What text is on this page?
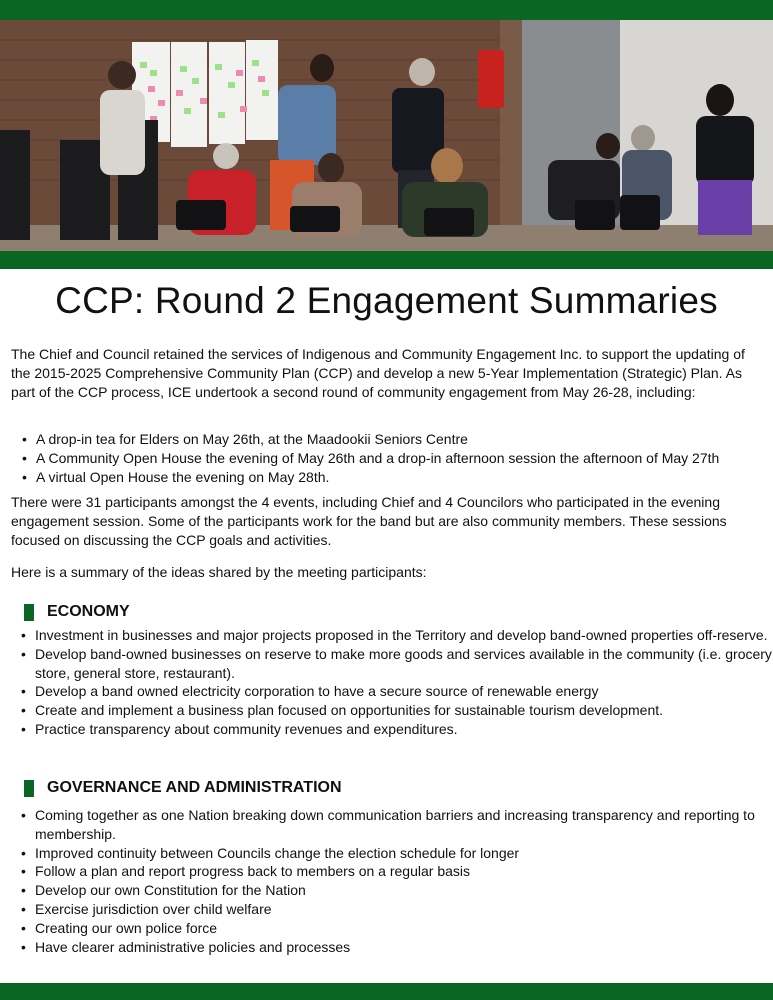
CCP: Round 2 Engagement Summaries

The Chief and Council retained the services of Indigenous and Community Engagement Inc. to support the updating of the 2015-2025 Comprehensive Community Plan (CCP) and develop a new 5-Year Implementation (Strategic) Plan. As part of the CCP process, ICE undertook a second round of community engagement from May 26-28, including:

• A drop-in tea for Elders on May 26th, at the Maadookii Seniors Centre
• A Community Open House the evening of May 26th and a drop-in afternoon session the afternoon of May 27th
• A virtual Open House the evening on May 28th.

There were 31 participants amongst the 4 events, including Chief and 4 Councilors who participated in the evening engagement session. Some of the participants work for the band but are also community members. These sessions focused on discussing the CCP goals and activities.

Here is a summary of the ideas shared by the meeting participants:

ECONOMY
• Investment in businesses and major projects proposed in the Territory and develop band-owned properties off-reserve.
• Develop band-owned businesses on reserve to make more goods and services available in the community (i.e. grocery store, general store, restaurant).
• Develop a band owned electricity corporation to have a secure source of renewable energy
• Create and implement a business plan focused on opportunities for sustainable tourism development.
• Practice transparency about community revenues and expenditures.
GOVERNANCE AND ADMINISTRATION
• Coming together as one Nation breaking down communication barriers and increasing transparency and reporting to membership.
• Improved continuity between Councils change the election schedule for longer
• Follow a plan and report progress back to members on a regular basis
• Develop our own Constitution for the Nation
• Exercise jurisdiction over child welfare
• Creating our own police force
• Have clearer administrative policies and processes
